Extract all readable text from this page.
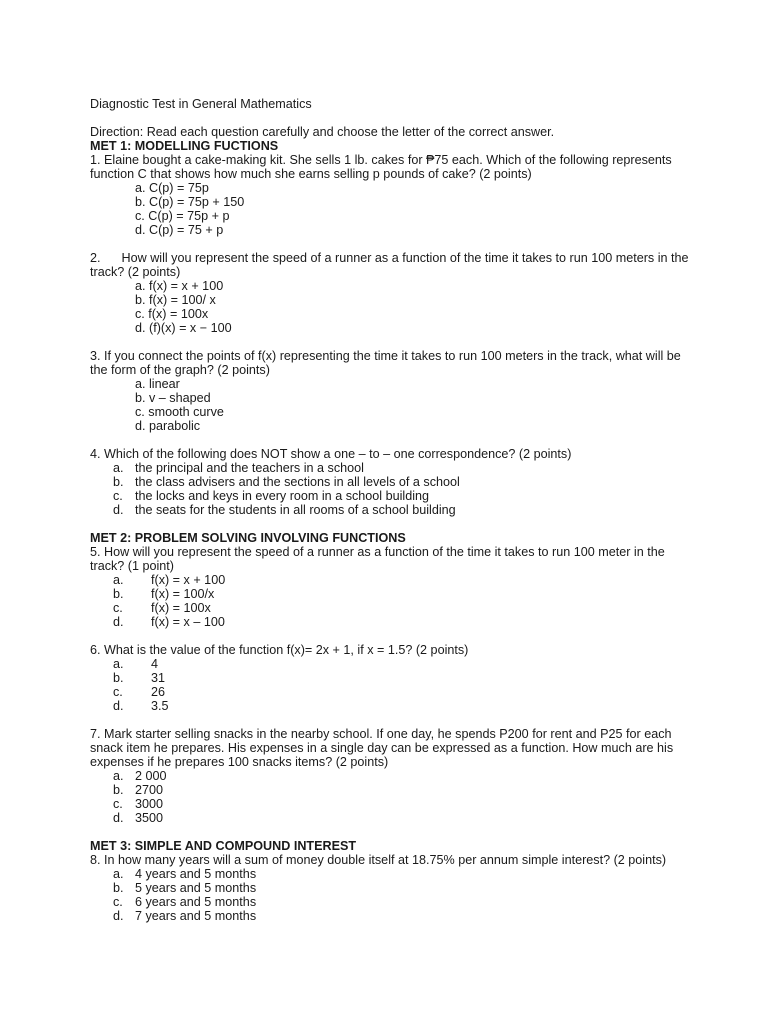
Diagnostic Test in General Mathematics

Direction: Read each question carefully and choose the letter of the correct answer.

MET 1: MODELLING FUCTIONS

1. Elaine bought a cake-making kit. She sells 1 lb. cakes for ₱75 each. Which of the following represents function C that shows how much she earns selling p pounds of cake? (2 points)

a. C(p) = 75p

b. C(p) = 75p + 150

c. C(p) = 75p + p

d. C(p) = 75 + p

2.      How will you represent the speed of a runner as a function of the time it takes to run 100 meters in the track? (2 points)

a. f(x) = x + 100

b. f(x) = 100/ x

c. f(x) = 100x

d. (f)(x) = x − 100

3. If you connect the points of f(x) representing the time it takes to run 100 meters in the track, what will be the form of the graph? (2 points)

a. linear

b. v – shaped

c. smooth curve

d. parabolic

4. Which of the following does NOT show a one – to – one correspondence? (2 points)

a. the principal and the teachers in a school

b. the class advisers and the sections in all levels of a school

c. the locks and keys in every room in a school building

d. the seats for the students in all rooms of a school building

MET 2: PROBLEM SOLVING INVOLVING FUNCTIONS

5. How will you represent the speed of a runner as a function of the time it takes to run 100 meter in the track? (1 point)

a. f(x) = x + 100

b. f(x) = 100/x

c. f(x) = 100x

d. f(x) = x – 100

6. What is the value of the function f(x)= 2x + 1, if x = 1.5? (2 points)

a. 4

b. 31

c. 26

d. 3.5

7. Mark starter selling snacks in the nearby school. If one day, he spends P200 for rent and P25 for each snack item he prepares. His expenses in a single day can be expressed as a function. How much are his expenses if he prepares 100 snacks items? (2 points)

a. 2 000

b. 2700

c. 3000

d. 3500

MET 3: SIMPLE AND COMPOUND INTEREST

8. In how many years will a sum of money double itself at 18.75% per annum simple interest? (2 points)

a. 4 years and 5 months

b. 5 years and 5 months

c. 6 years and 5 months

d. 7 years and 5 months
